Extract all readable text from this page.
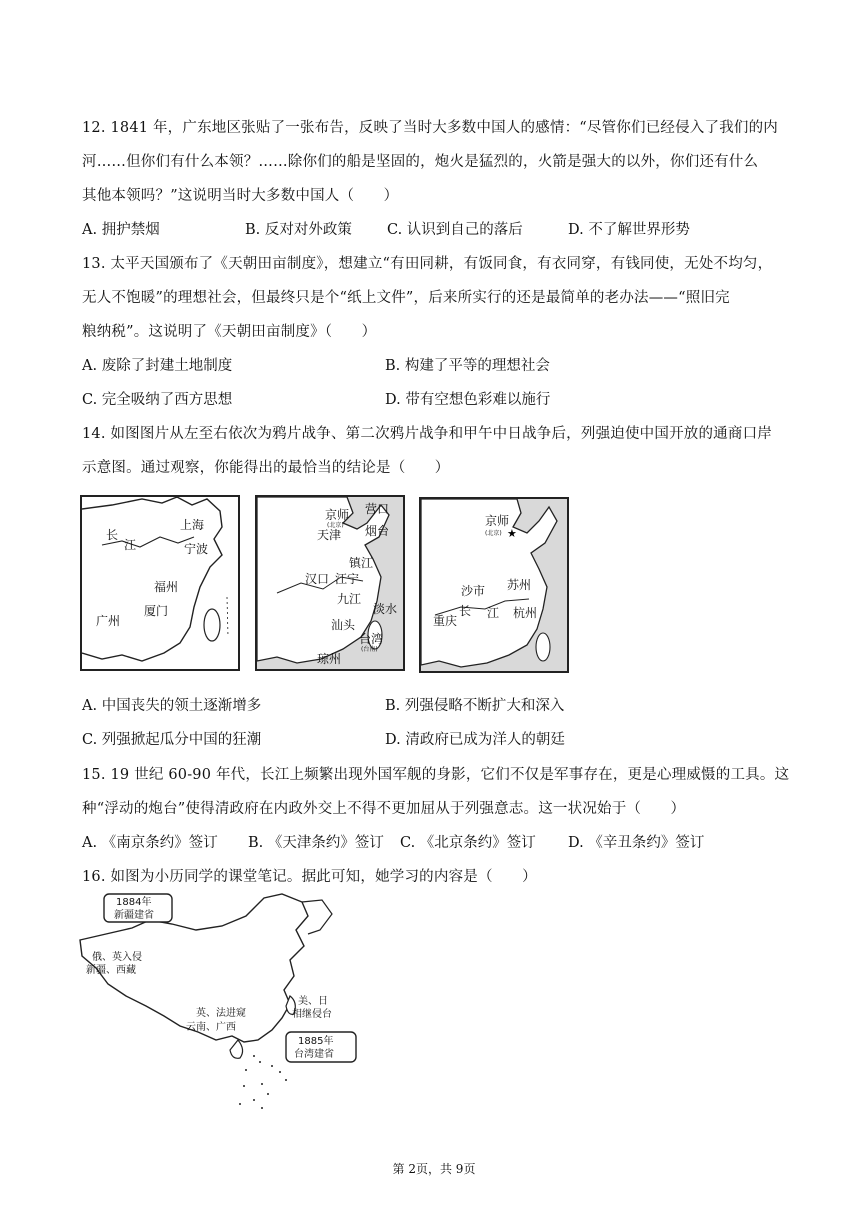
12. 1841 年，广东地区张贴了一张布告，反映了当时大多数中国人的感情：“尽管你们已经侵入了我们的内
河……但你们有什么本领？……除你们的船是坚固的，炮火是猛烈的，火箭是强大的以外，你们还有什么
其他本领吗？”这说明当时大多数中国人（　　）
A. 拥护禁烟	B. 反对对外政策 C. 认识到自己的落后	D. 不了解世界形势
13. 太平天国颁布了《天朝田亩制度》，想建立“有田同耕，有饭同食，有衣同穿，有钱同使，无处不均匀，
无人不饱暖”的理想社会，但最终只是个“纸上文件”，后来所实行的还是最简单的老办法——“照旧完
粮纳税”。这说明了《天朝田亩制度》（　　）
A. 废除了封建土地制度	B. 构建了平等的理想社会
C. 完全吸纳了西方思想	D. 带有空想色彩难以施行
14. 如图图片从左至右依次为鸦片战争、第二次鸦片战争和甲午中日战争后，列强迫使中国开放的通商口岸
示意图。通过观察，你能得出的最恰当的结论是（　　）
长
江
上海
宁波
福州
厦门
广州
京师
(北京)
营口
天津 烟台
镇江
汉口 江宁
九江
淡水
汕头
台湾
(台南)
琼州
京师
(北京) ★
沙市 苏州
长 江
重庆
杭州
A. 中国丧失的领土逐渐增多	B. 列强侵略不断扩大和深入
C. 列强掀起瓜分中国的狂潮	D. 清政府已成为洋人的朝廷
15. 19 世纪 60-90 年代，长江上频繁出现外国军舰的身影，它们不仅是军事存在，更是心理威慑的工具。这
种“浮动的炮台”使得清政府在内政外交上不得不更加屈从于列强意志。这一状况始于（　　）
A. 《南京条约》签订 B. 《天津条约》签订 C. 《北京条约》签订 D. 《辛丑条约》签订
16. 如图为小历同学的课堂笔记。据此可知，她学习的内容是（　　）
1884年
新疆建省
俄、英入侵
新疆、西藏
英、法进窥
云南、广西
美、日
相继侵台
1885年
台湾建省
第 2页，共 9页
